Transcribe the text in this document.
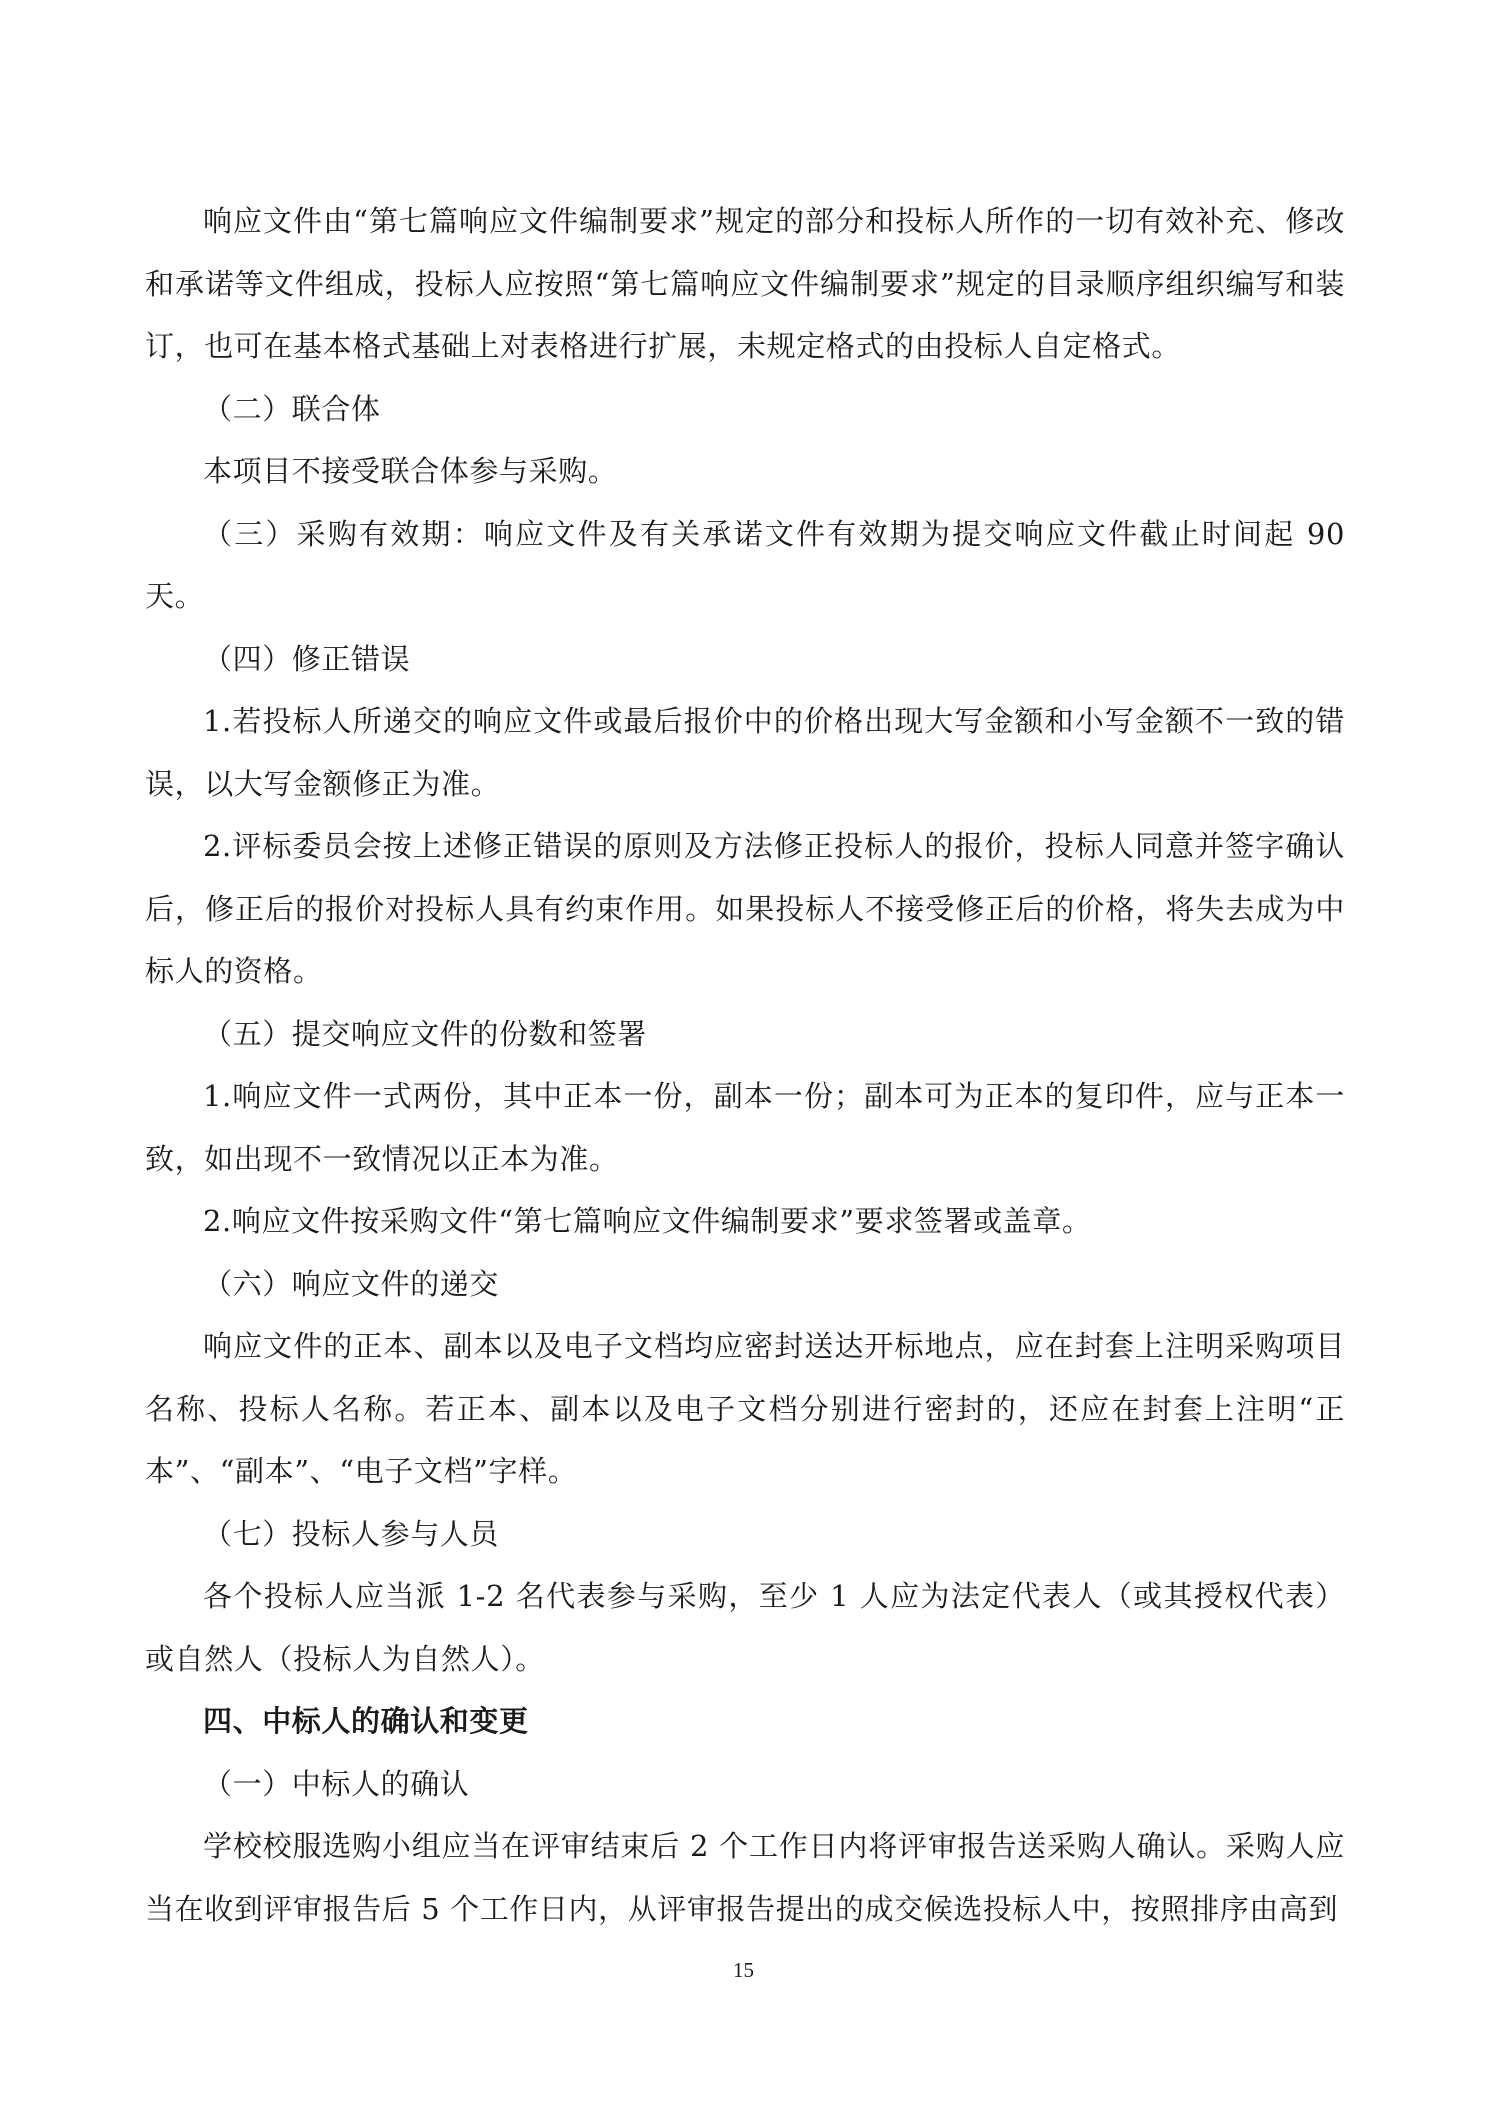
响应文件由“第七篇响应文件编制要求”规定的部分和投标人所作的一切有效补充、修改和承诺等文件组成，投标人应按照“第七篇响应文件编制要求”规定的目录顺序组织编写和装订，也可在基本格式基础上对表格进行扩展，未规定格式的由投标人自定格式。

（二）联合体

本项目不接受联合体参与采购。

（三）采购有效期：响应文件及有关承诺文件有效期为提交响应文件截止时间起 90 天。

（四）修正错误

1.若投标人所递交的响应文件或最后报价中的价格出现大写金额和小写金额不一致的错误，以大写金额修正为准。

2.评标委员会按上述修正错误的原则及方法修正投标人的报价，投标人同意并签字确认后，修正后的报价对投标人具有约束作用。如果投标人不接受修正后的价格，将失去成为中标人的资格。

（五）提交响应文件的份数和签署

1.响应文件一式两份，其中正本一份，副本一份；副本可为正本的复印件，应与正本一致，如出现不一致情况以正本为准。

2.响应文件按采购文件“第七篇响应文件编制要求”要求签署或盖章。

（六）响应文件的递交

响应文件的正本、副本以及电子文档均应密封送达开标地点，应在封套上注明采购项目名称、投标人名称。若正本、副本以及电子文档分别进行密封的，还应在封套上注明“正本”、“副本”、“电子文档”字样。

（七）投标人参与人员

各个投标人应当派 1-2 名代表参与采购，至少 1 人应为法定代表人（或其授权代表）或自然人（投标人为自然人）。

四、中标人的确认和变更

（一）中标人的确认

学校校服选购小组应当在评审结束后 2 个工作日内将评审报告送采购人确认。采购人应当在收到评审报告后 5 个工作日内，从评审报告提出的成交候选投标人中，按照排序由高到

15
